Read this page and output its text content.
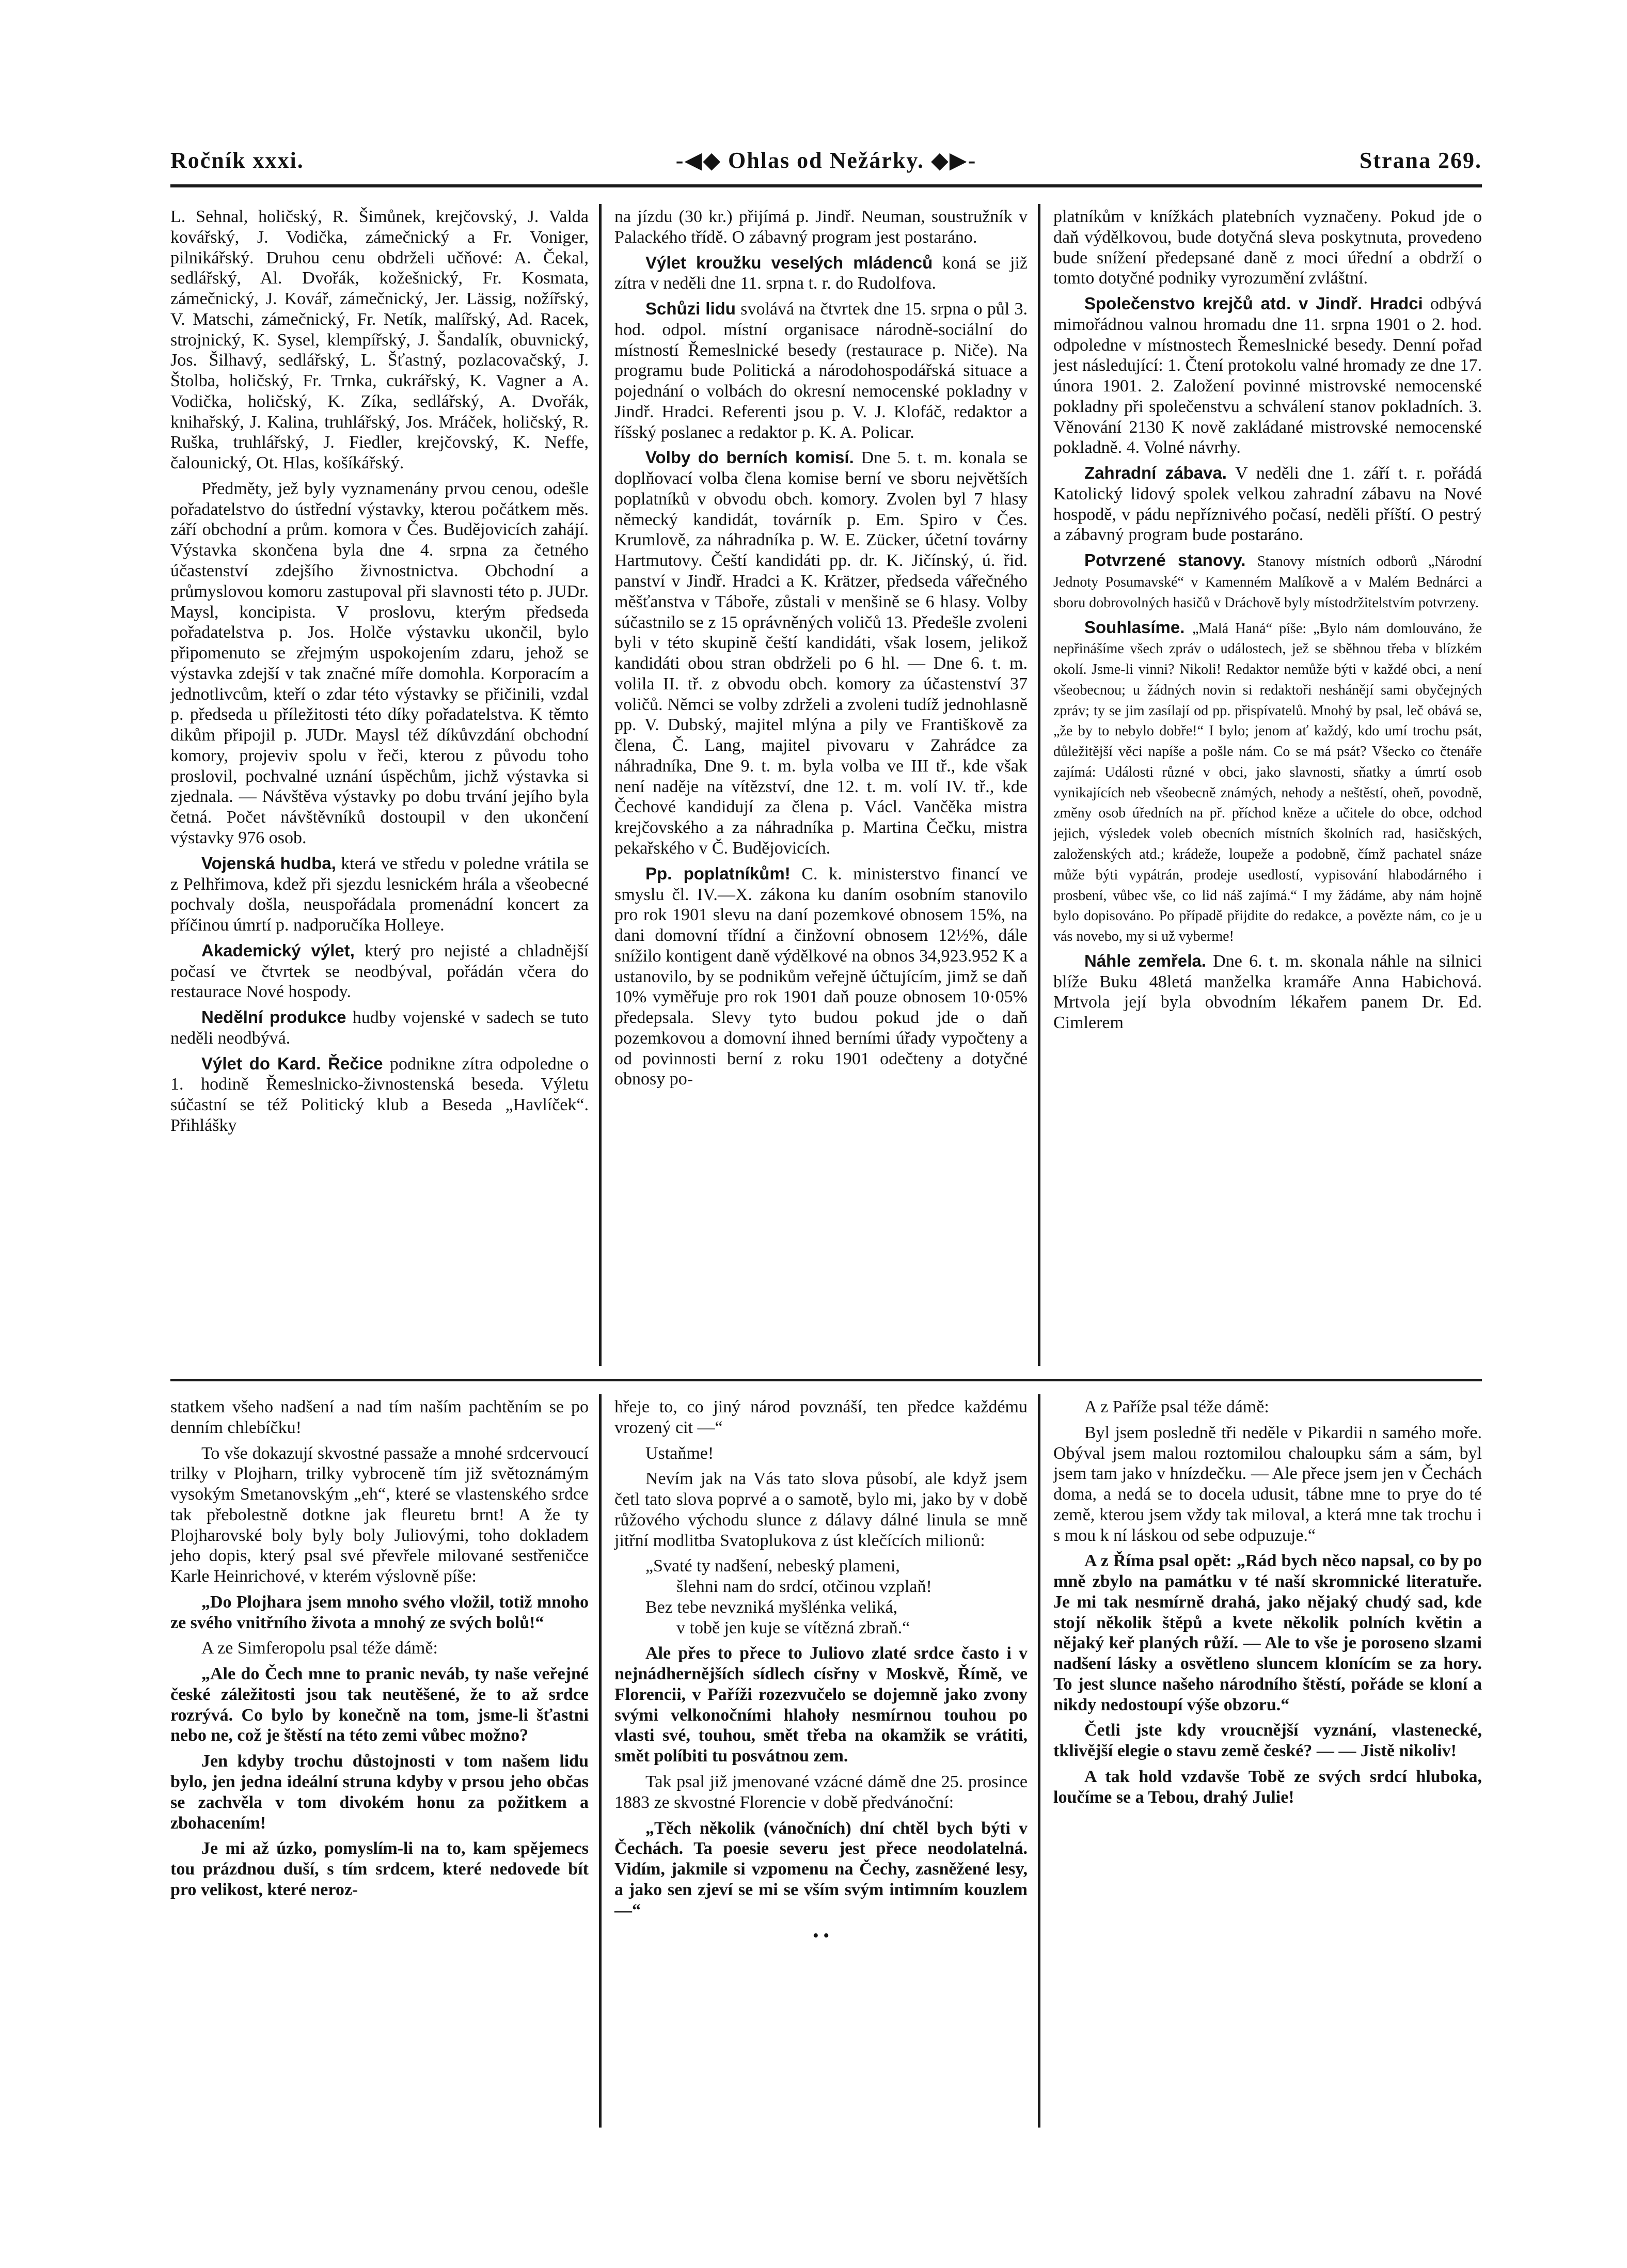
Ročník xxxi.	-◀◆ Ohlas od Nežárky. ◆▶-	Strana 269.

L. Sehnal, holičský, R. Šimůnek, krejčovský, J. Valda kovářský, J. Vodička, zámečnický a Fr. Voniger, pilnikářský. Druhou cenu obdrželi učňové: A. Čekal, sedlářský, Al. Dvořák, kožešnický, Fr. Kosmata, zámečnický, J. Kovář, zámečnický, Jer. Lässig, nožířský, V. Matschi, zámečnický, Fr. Netík, malířský, Ad. Racek, strojnický, K. Sysel, klempířský, J. Šandalík, obuvnický, Jos. Šilhavý, sedlářský, L. Šťastný, pozlacovačský, J. Štolba, holičský, Fr. Trnka, cukrářský, K. Vagner a A. Vodička, holičský, K. Zíka, sedlářský, A. Dvořák, knihařský, J. Kalina, truhlářský, Jos. Mráček, holičský, R. Ruška, truhlářský, J. Fiedler, krejčovský, K. Neffe, čalounický, Ot. Hlas, košíkářský.

Předměty, jež byly vyznamenány prvou cenou, odešle pořadatelstvo do ústřední výstavky, kterou počátkem měs. září obchodní a prům. komora v Čes. Budějovicích zahájí. Výstavka skončena byla dne 4. srpna za četného účastenství zdejšího živnostnictva. Obchodní a průmyslovou komoru zastupoval při slavnosti této p. JUDr. Maysl, koncipista. V proslovu, kterým předseda pořadatelstva p. Jos. Holče výstavku ukončil, bylo připomenuto se zřejmým uspokojením zdaru, jehož se výstavka zdejší v tak značné míře domohla. Korporacím a jednotlivcům, kteří o zdar této výstavky se přičinili, vzdal p. předseda u příležitosti této díky pořadatelstva. K těmto dikům připojil p. JUDr. Maysl též díkůvzdání obchodní komory, projeviv spolu v řeči, kterou z původu toho proslovil, pochvalné uznání úspěchům, jichž výstavka si zjednala. — Návštěva výstavky po dobu trvání jejího byla četná. Počet návštěvníků dostoupil v den ukončení výstavky 976 osob.

Vojenská hudba, která ve středu v poledne vrátila se z Pelhřimova, kdež při sjezdu lesnickém hrála a všeobecné pochvaly došla, neuspořádala promenádní koncert za příčinou úmrtí p. nadporučíka Holleye.

Akademický výlet, který pro nejisté a chladnější počasí ve čtvrtek se neodbýval, pořádán včera do restaurace Nové hospody.

Nedělní produkce hudby vojenské v sadech se tuto neděli neodbývá.

Výlet do Kard. Řečice podnikne zítra odpoledne o 1. hodině Řemeslnicko-živnostenská beseda. Výletu súčastní se též Politický klub a Beseda „Havlíček“. Přihlášky

na jízdu (30 kr.) přijímá p. Jindř. Neuman, soustružník v Palackého třídě. O zábavný program jest postaráno.

Výlet kroužku veselých mládenců koná se již zítra v neděli dne 11. srpna t. r. do Rudolfova.

Schůzi lidu svolává na čtvrtek dne 15. srpna o půl 3. hod. odpol. místní organisace národně-sociální do místností Řemeslnické besedy (restaurace p. Niče). Na programu bude Politická a národohospodářská situace a pojednání o volbách do okresní nemocenské pokladny v Jindř. Hradci. Referenti jsou p. V. J. Klofáč, redaktor a říšský poslanec a redaktor p. K. A. Policar.

Volby do berních komisí. Dne 5. t. m. konala se doplňovací volba člena komise berní ve sboru největších poplatníků v obvodu obch. komory. Zvolen byl 7 hlasy německý kandidát, továrník p. Em. Spiro v Čes. Krumlově, za náhradníka p. W. E. Zücker, účetní továrny Hartmutovy. Čeští kandidáti pp. dr. K. Jičínský, ú. řid. panství v Jindř. Hradci a K. Krätzer, předseda vářečného měšťanstva v Táboře, zůstali v menšině se 6 hlasy. Volby súčastnilo se z 15 oprávněných voličů 13. Předešle zvoleni byli v této skupině čeští kandidáti, však losem, jelikož kandidáti obou stran obdrželi po 6 hl. — Dne 6. t. m. volila II. tř. z obvodu obch. komory za účastenství 37 voličů. Němci se volby zdrželi a zvoleni tudíž jednohlasně pp. V. Dubský, majitel mlýna a pily ve Františkově za člena, Č. Lang, majitel pivovaru v Zahrádce za náhradníka, Dne 9. t. m. byla volba ve III tř., kde však není naděje na vítězství, dne 12. t. m. volí IV. tř., kde Čechové kandidují za člena p. Václ. Vančěka mistra krejčovského a za náhradníka p. Martina Čečku, mistra pekařského v Č. Budějovicích.

Pp. poplatníkům! C. k. ministerstvo financí ve smyslu čl. IV.—X. zákona ku daním osobním stanovilo pro rok 1901 slevu na daní pozemkové obnosem 15%, na dani domovní třídní a činžovní obnosem 12½%, dále snížilo kontigent daně výdělkové na obnos 34,923.952 K a ustanovilo, by se podnikům veřejně účtujícím, jimž se daň 10% vyměřuje pro rok 1901 daň pouze obnosem 10·05% předepsala. Slevy tyto budou pokud jde o daň pozemkovou a domovní ihned berními úřady vypočteny a od povinnosti berní z roku 1901 odečteny a dotyčné obnosy po-

platníkům v knížkách platebních vyznačeny. Pokud jde o daň výdělkovou, bude dotyčná sleva poskytnuta, provedeno bude snížení předepsané daně z moci úřední a obdrží o tomto dotyčné podniky vyrozumění zvláštní.

Společenstvo krejčů atd. v Jindř. Hradci odbývá mimořádnou valnou hromadu dne 11. srpna 1901 o 2. hod. odpoledne v místnostech Řemeslnické besedy. Denní pořad jest následující: 1. Čtení protokolu valné hromady ze dne 17. února 1901. 2. Založení povinné mistrovské nemocenské pokladny při společenstvu a schválení stanov pokladních. 3. Věnování 2130 K nově zakládané mistrovské nemocenské pokladně. 4. Volné návrhy.

Zahradní zábava. V neděli dne 1. září t. r. pořádá Katolický lidový spolek velkou zahradní zábavu na Nové hospodě, v pádu nepříznivého počasí, neděli příští. O pestrý a zábavný program bude postaráno.

Potvrzené stanovy. Stanovy místních odborů „Národní Jednoty Posumavské“ v Kamenném Malíkově a v Malém Bednárci a sboru dobrovolných hasičů v Dráchově byly místodržitelstvím potvrzeny.

Souhlasíme. „Malá Haná“ píše: „Bylo nám domlouváno, že nepřinášíme všech zpráv o událostech, jež se sběhnou třeba v blízkém okolí. Jsme-li vinni? Nikoli! Redaktor nemůže býti v každé obci, a není všeobecnou; u žádných novin si redaktoři neshánějí sami obyčejných zpráv; ty se jim zasílají od pp. přispívatelů. Mnohý by psal, leč obává se, „že by to nebylo dobře!“ I bylo; jenom ať každý, kdo umí trochu psát, důležitější věci napíše a pošle nám. Co se má psát? Všecko co čtenáře zajímá: Události různé v obci, jako slavnosti, sňatky a úmrtí osob vynikajících neb všeobecně známých, nehody a neštěstí, oheň, povodně, změny osob úředních na př. příchod kněze a učitele do obce, odchod jejich, výsledek voleb obecních místních školních rad, hasičských, založenských atd.; krádeže, loupeže a podobně, čímž pachatel snáze může býti vypátrán, prodeje usedlostí, vypisování hlabodárného i prosbení, vůbec vše, co lid náš zajímá.“ I my žádáme, aby nám hojně bylo dopisováno. Po případě přijdite do redakce, a povězte nám, co je u vás novebo, my si už vyberme!

Náhle zemřela. Dne 6. t. m. skonala náhle na silnici blíže Buku 48letá manželka kramáře Anna Habichová. Mrtvola její byla obvodním lékařem panem Dr. Ed. Cimlerem

statkem všeho nadšení a nad tím naším pachtěním se po denním chlebíčku!

To vše dokazují skvostné passaže a mnohé srdcervoucí trilky v Plojharn, trilky vybroceně tím již světoznámým vysokým Smetanovským „eh“, které se vlastenského srdce tak přebolestně dotkne jak fleuretu brnt! A že ty Plojharovské boly byly boly Juliovými, toho dokladem jeho dopis, který psal své převřele milované sestřeničce Karle Heinrichové, v kterém výslovně píše:

„Do Plojhara jsem mnoho svého vložil, totiž mnoho ze svého vnitřního života a mnohý ze svých bolů!“

A ze Simferopolu psal téže dámě:

„Ale do Čech mne to pranic neváb, ty naše veřejné české záležitosti jsou tak neutěšené, že to až srdce rozrývá. Co bylo by konečně na tom, jsme-li šťastni nebo ne, což je štěstí na této zemi vůbec možno?

Jen kdyby trochu důstojnosti v tom našem lidu bylo, jen jedna ideální struna kdyby v prsou jeho občas se zachvěla v tom divokém honu za požitkem a zbohacením!

Je mi až úzko, pomyslím-li na to, kam spějemecs tou prázdnou duší, s tím srdcem, které nedovede bít pro velikost, které neroz-

hřeje to, co jiný národ povznáší, ten předce každému vrozený cit —“

Ustaňme!

Nevím jak na Vás tato slova působí, ale když jsem četl tato slova poprvé a o samotě, bylo mi, jako by v době růžového východu slunce z dálavy dálné linula se mně jitřní modlitba Svatoplukova z úst klečících milionů:

„Svaté ty nadšení, nebeský plameni,
šlehni nam do srdcí, otčinou vzplaň!
Bez tebe nevzniká myšlénka veliká,
v tobě jen kuje se vítězná zbraň.“

Ale přes to přece to Juliovo zlaté srdce často i v nejnádhernějších sídlech císřny v Moskvě, Římě, ve Florencii, v Paříži rozezvučelo se dojemně jako zvony svými velkonočními hlahoły nesmírnou touhou po vlasti své, touhou, smět třeba na okamžik se vrátiti, smět políbiti tu posvátnou zem.

Tak psal již jmenované vzácné dámě dne 25. prosince 1883 ze skvostné Florencie v době předvánoční:

„Těch několik (vánočních) dní chtěl bych býti v Čechách. Ta poesie severu jest přece neodolatelná. Vidím, jakmile si vzpomenu na Čechy, zasněžené lesy, a jako sen zjeví se mi se vším svým intimním kouzlem —“

• •

A z Paříže psal téže dámě:

Byl jsem posledně tři neděle v Pikardii n samého moře. Obýval jsem malou roztomilou chaloupku sám a sám, byl jsem tam jako v hnízdečku. — Ale přece jsem jen v Čechách doma, a nedá se to docela udusit, tábne mne to prye do té země, kterou jsem vždy tak miloval, a která mne tak trochu i s mou k ní láskou od sebe odpuzuje.“

A z Říma psal opět: „Rád bych něco napsal, co by po mně zbylo na památku v té naší skromnické literatuře. Je mi tak nesmírně drahá, jako nějaký chudý sad, kde stojí několik štěpů a kvete několik polních květin a nějaký keř planých růží. — Ale to vše je poroseno slzami nadšení lásky a osvětleno sluncem klonícím se za hory. To jest slunce našeho národního štěstí, pořáde se kloní a nikdy nedostoupí výše obzoru.“

Četli jste kdy vroucnější vyznání, vlastenecké, tklivější elegie o stavu země české? — — Jistě nikoliv!

A tak hold vzdavše Tobě ze svých srdcí hluboka, loučíme se a Tebou, drahý Julie!
